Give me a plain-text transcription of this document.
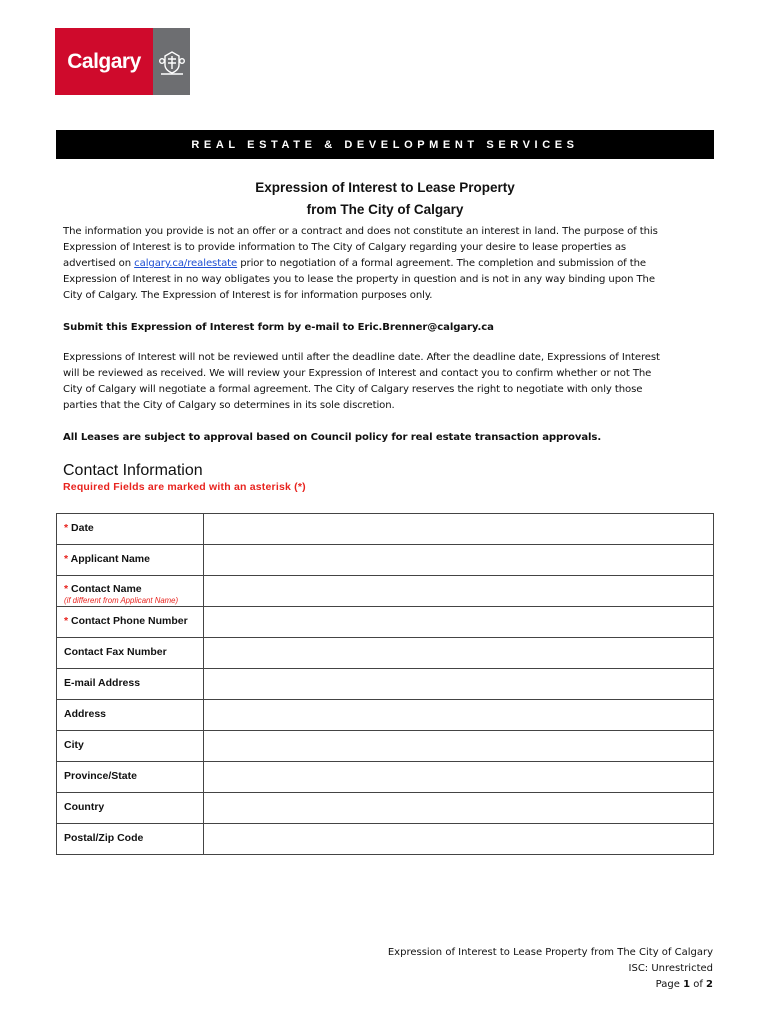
Calgary
REAL ESTATE & DEVELOPMENT SERVICES
Expression of Interest to Lease Property
from The City of Calgary
The information you provide is not an offer or a contract and does not constitute an interest in land. The purpose of this Expression of Interest is to provide information to The City of Calgary regarding your desire to lease properties as advertised on calgary.ca/realestate prior to negotiation of a formal agreement. The completion and submission of the Expression of Interest in no way obligates you to lease the property in question and is not in any way binding upon The City of Calgary. The Expression of Interest is for information purposes only.
Submit this Expression of Interest form by e-mail to Eric.Brenner@calgary.ca
Expressions of Interest will not be reviewed until after the deadline date. After the deadline date, Expressions of Interest will be reviewed as received. We will review your Expression of Interest and contact you to confirm whether or not The City of Calgary will negotiate a formal agreement. The City of Calgary reserves the right to negotiate with only those parties that the City of Calgary so determines in its sole discretion.
All Leases are subject to approval based on Council policy for real estate transaction approvals.
Contact Information
Required Fields are marked with an asterisk (*)
* Date	
* Applicant Name	
* Contact Name
(if different from Applicant Name)

* Contact Phone Number	
Contact Fax Number	
E-mail Address	
Address	
City	
Province/State	
Country	
Postal/Zip Code	
Expression of Interest to Lease Property from The City of Calgary
ISC: Unrestricted
Page 1 of 2
